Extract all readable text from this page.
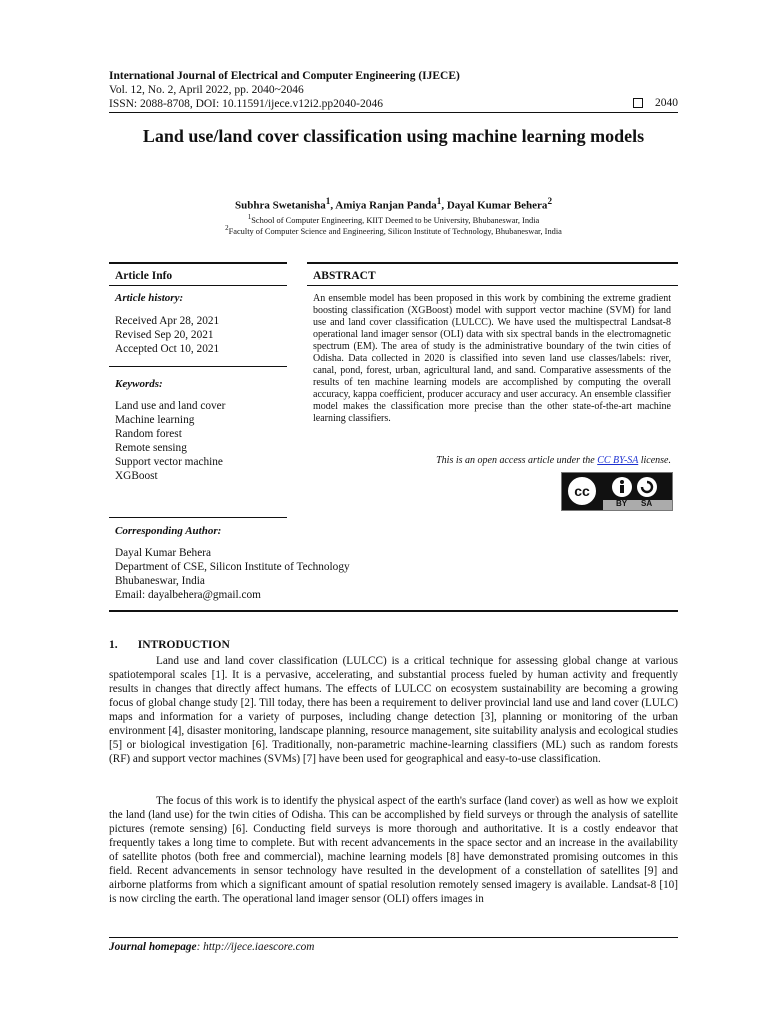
International Journal of Electrical and Computer Engineering (IJECE)
Vol. 12, No. 2, April 2022, pp. 2040~2046
ISSN: 2088-8708, DOI: 10.11591/ijece.v12i2.pp2040-2046	2040
Land use/land cover classification using machine learning models
Subhra Swetanisha$^1$, Amiya Ranjan Panda$^1$, Dayal Kumar Behera$^2$
$^1$School of Computer Engineering, KIIT Deemed to be University, Bhubaneswar, India
$^2$Faculty of Computer Science and Engineering, Silicon Institute of Technology, Bhubaneswar, India
Article Info
Article history:
Received Apr 28, 2021
Revised Sep 20, 2021
Accepted Oct 10, 2021
Keywords:
Land use and land cover
Machine learning
Random forest
Remote sensing
Support vector machine
XGBoost
ABSTRACT
An ensemble model has been proposed in this work by combining the extreme gradient boosting classification (XGBoost) model with support vector machine (SVM) for land use and land cover classification (LULCC). We have used the multispectral Landsat-8 operational land imager sensor (OLI) data with six spectral bands in the electromagnetic spectrum (EM). The area of study is the administrative boundary of the twin cities of Odisha. Data collected in 2020 is classified into seven land use classes/labels: river, canal, pond, forest, urban, agricultural land, and sand. Comparative assessments of the results of ten machine learning models are accomplished by computing the overall accuracy, kappa coefficient, producer accuracy and user accuracy. An ensemble classifier model makes the classification more precise than the other state-of-the-art machine learning classifiers.
This is an open access article under the CC BY-SA license.
cc
BY SA
Corresponding Author:
Dayal Kumar Behera
Department of CSE, Silicon Institute of Technology
Bhubaneswar, India
Email: dayalbehera@gmail.com
1.       INTRODUCTION
Land use and land cover classification (LULCC) is a critical technique for assessing global change at various spatiotemporal scales [1]. It is a pervasive, accelerating, and substantial process fueled by human activity and frequently results in changes that directly affect humans. The effects of LULCC on ecosystem sustainability are becoming a growing focus of global change study [2]. Till today, there has been a requirement to deliver provincial land use and land cover (LULC) maps and information for a variety of purposes, including change detection [3], planning or monitoring of the urban environment [4], disaster monitoring, landscape planning, resource management, site suitability analysis and ecological studies [5] or biological investigation [6]. Traditionally, non-parametric machine-learning classifiers (ML) such as random forests (RF) and support vector machines (SVMs) [7] have been used for geographical and easy-to-use classification.
The focus of this work is to identify the physical aspect of the earth's surface (land cover) as well as how we exploit the land (land use) for the twin cities of Odisha. This can be accomplished by field surveys or through the analysis of satellite pictures (remote sensing) [6]. Conducting field surveys is more thorough and authoritative. It is a costly endeavor that frequently takes a long time to complete. But with recent advancements in the space sector and an increase in the availability of satellite photos (both free and commercial), machine learning models [8] have demonstrated promising outcomes in this field. Recent advancements in sensor technology have resulted in the development of a constellation of satellites [9] and airborne platforms from which a significant amount of spatial resolution remotely sensed imagery is available. Landsat-8 [10] is now circling the earth. The operational land imager sensor (OLI) offers images in
Journal homepage: http://ijece.iaescore.com
